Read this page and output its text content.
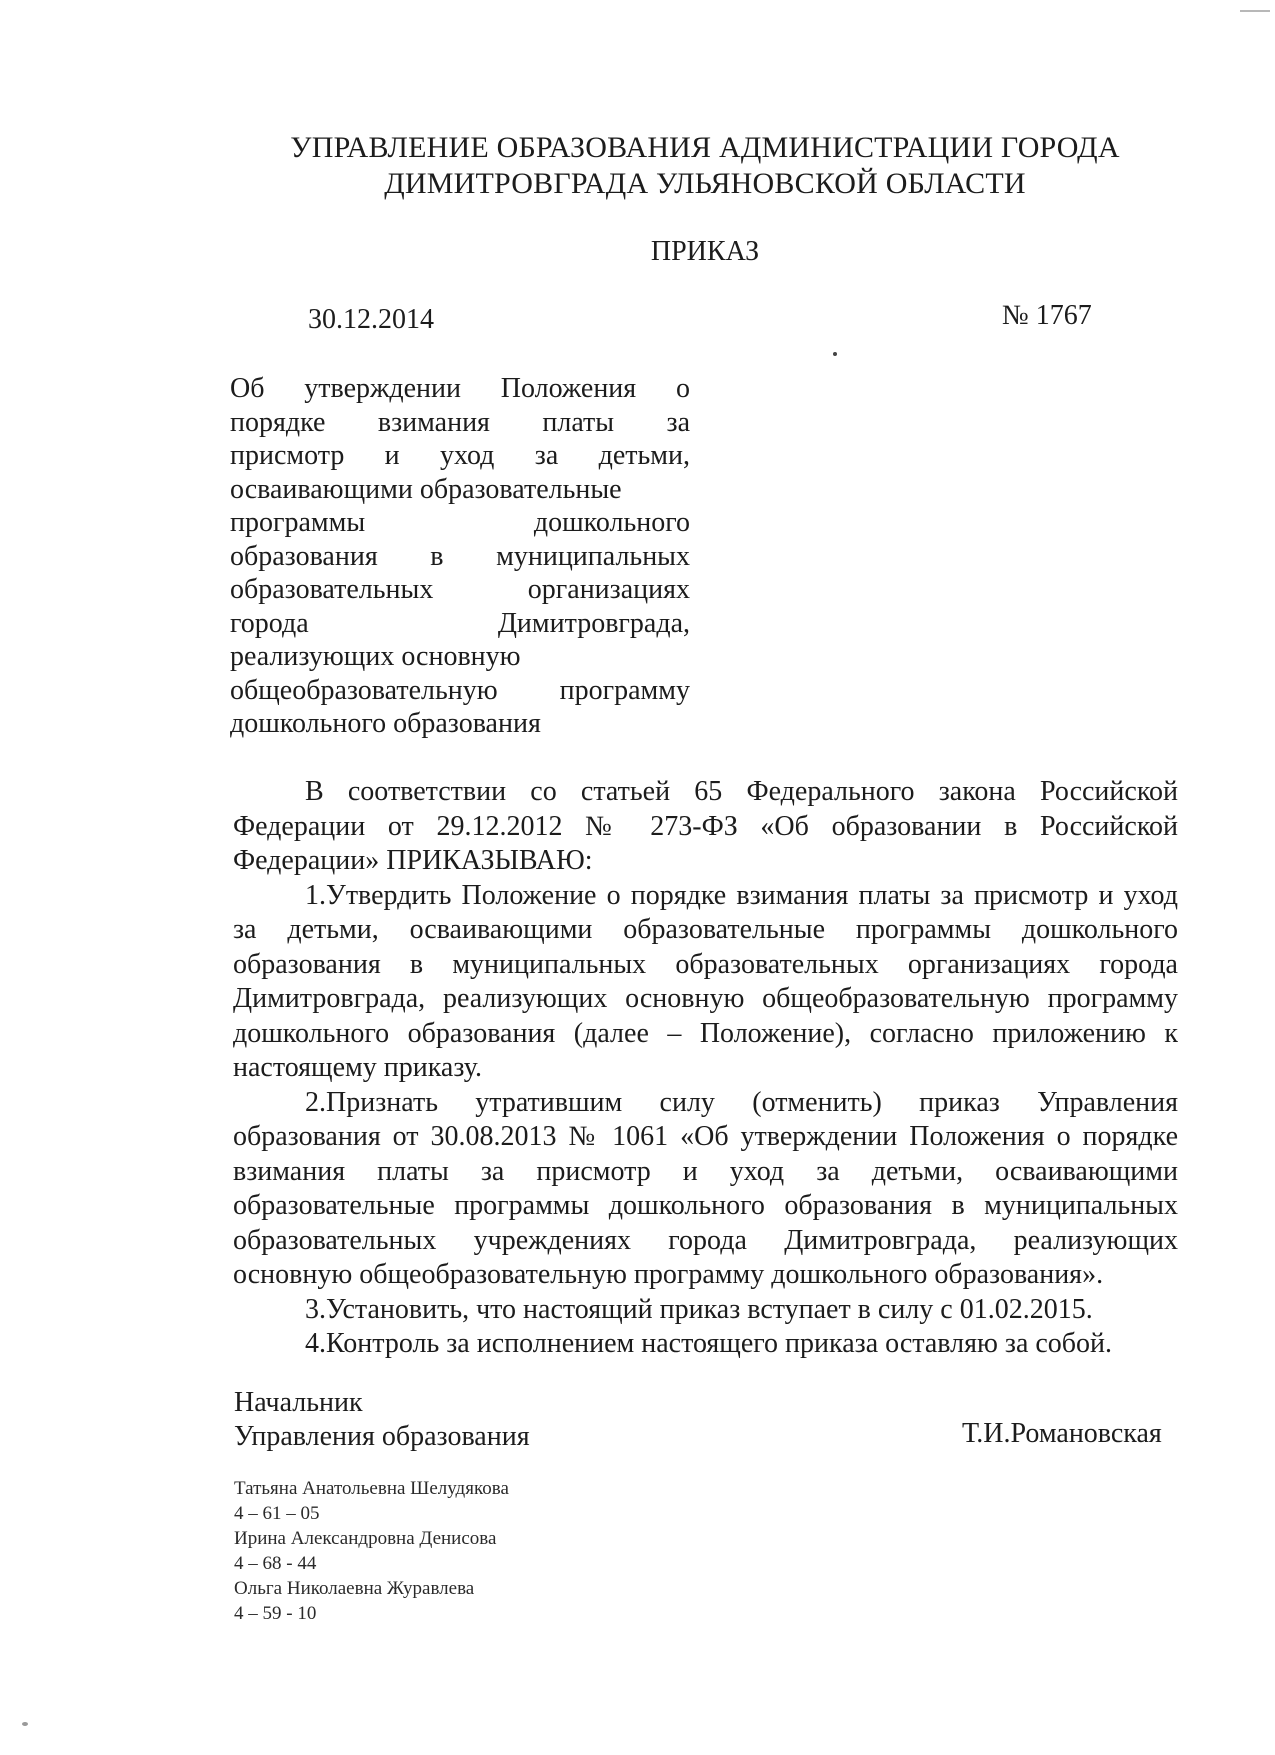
УПРАВЛЕНИЕ ОБРАЗОВАНИЯ АДМИНИСТРАЦИИ ГОРОДА
ДИМИТРОВГРАДА УЛЬЯНОВСКОЙ ОБЛАСТИ
ПРИКАЗ
30.12.2014	№ 1767
Об утверждении Положения о
порядке взимания платы за
присмотр и уход за детьми,
осваивающими образовательные
программы дошкольного
образования в муниципальных
образовательных организациях
города Димитровграда,
реализующих основную
общеобразовательную программу
дошкольного образования

В соответствии со статьей 65 Федерального закона Российской Федерации от 29.12.2012 № 273-ФЗ «Об образовании в Российской Федерации» ПРИКАЗЫВАЮ:

1.Утвердить Положение о порядке взимания платы за присмотр и уход за детьми, осваивающими образовательные программы дошкольного образования в муниципальных образовательных организациях города Димитровграда, реализующих основную общеобразовательную программу дошкольного образования (далее – Положение), согласно приложению к настоящему приказу.

2.Признать утратившим силу (отменить) приказ Управления образования от 30.08.2013 № 1061 «Об утверждении Положения о порядке взимания платы за присмотр и уход за детьми, осваивающими образовательные программы дошкольного образования в муниципальных образовательных учреждениях города Димитровграда, реализующих основную общеобразовательную программу дошкольного образования».

3.Установить, что настоящий приказ вступает в силу с 01.02.2015.

4.Контроль за исполнением настоящего приказа оставляю за собой.

Начальник
Управления образования	Т.И.Романовская
Татьяна Анатольевна Шелудякова
4 – 61 – 05
Ирина Александровна Денисова
4 – 68 - 44
Ольга Николаевна Журавлева
4 – 59 - 10
